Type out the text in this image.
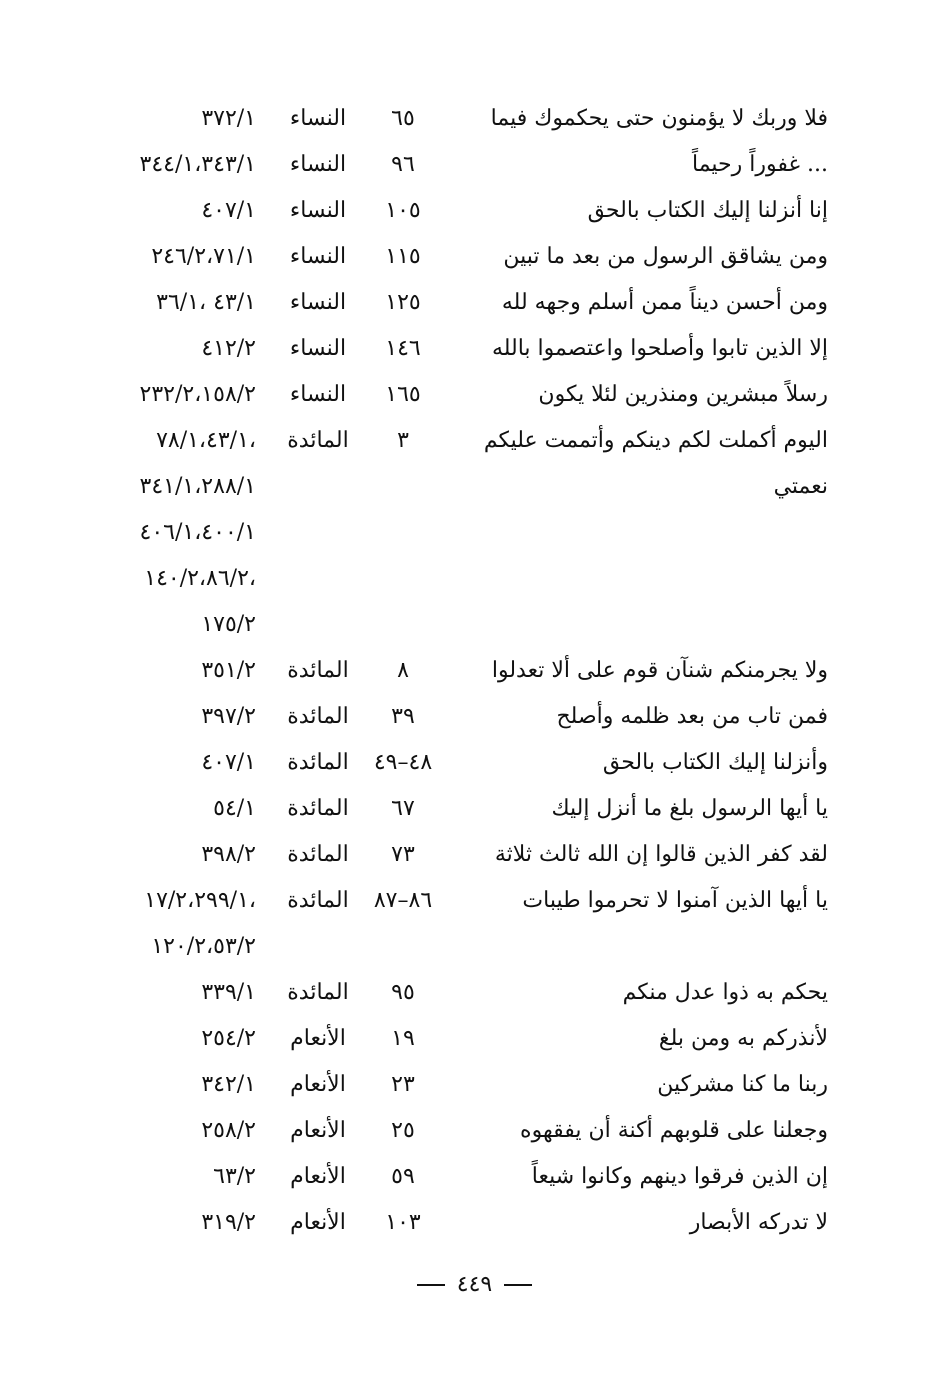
فلا وربك لا يؤمنون حتى يحكموك فيما
٦٥
النساء
٣٧٢/١
... غفوراً رحيماً
٩٦
النساء
٣٤٤/١،٣٤٣/١
إنا أنزلنا إليك الكتاب بالحق
١٠٥
النساء
٤٠٧/١
ومن يشاقق الرسول من بعد ما تبين
١١٥
النساء
٢٤٦/٢،٧١/١
ومن أحسن ديناً ممن أسلم وجهه لله
١٢٥
النساء
٤٣/١ ،٣٦/١
إلا الذين تابوا وأصلحوا واعتصموا بالله
١٤٦
النساء
٤١٢/٢
رسلاً مبشرين ومنذرين لئلا يكون
١٦٥
النساء
٢٣٢/٢،١٥٨/٢
اليوم أكملت لكم دينكم وأتممت عليكم
٣
المائدة
،٧٨/١،٤٣/١
نعمتي
٣٤١/١،٢٨٨/١
٤٠٦/١،٤٠٠/١
،١٤٠/٢،٨٦/٢
١٧٥/٢
ولا يجرمنكم شنآن قوم على ألا تعدلوا
٨
المائدة
٣٥١/٢
فمن تاب من بعد ظلمه وأصلح
٣٩
المائدة
٣٩٧/٢
وأنزلنا إليك الكتاب بالحق
٤٨–٤٩
المائدة
٤٠٧/١
يا أيها الرسول بلغ ما أنزل إليك
٦٧
المائدة
٥٤/١
لقد كفر الذين قالوا إن الله ثالث ثلاثة
٧٣
المائدة
٣٩٨/٢
يا أيها الذين آمنوا لا تحرموا طيبات
٨٦–٨٧
المائدة
،١٧/٢،٢٩٩/١
١٢٠/٢،٥٣/٢
يحكم به ذوا عدل منكم
٩٥
المائدة
٣٣٩/١
لأنذركم به ومن بلغ
١٩
الأنعام
٢٥٤/٢
ربنا ما كنا مشركين
٢٣
الأنعام
٣٤٢/١
وجعلنا على قلوبهم أكنة أن يفقهوه
٢٥
الأنعام
٢٥٨/٢
إن الذين فرقوا دينهم وكانوا شيعاً
٥٩
الأنعام
٦٣/٢
لا تدركه الأبصار
١٠٣
الأنعام
٣١٩/٢
٤٤٩
